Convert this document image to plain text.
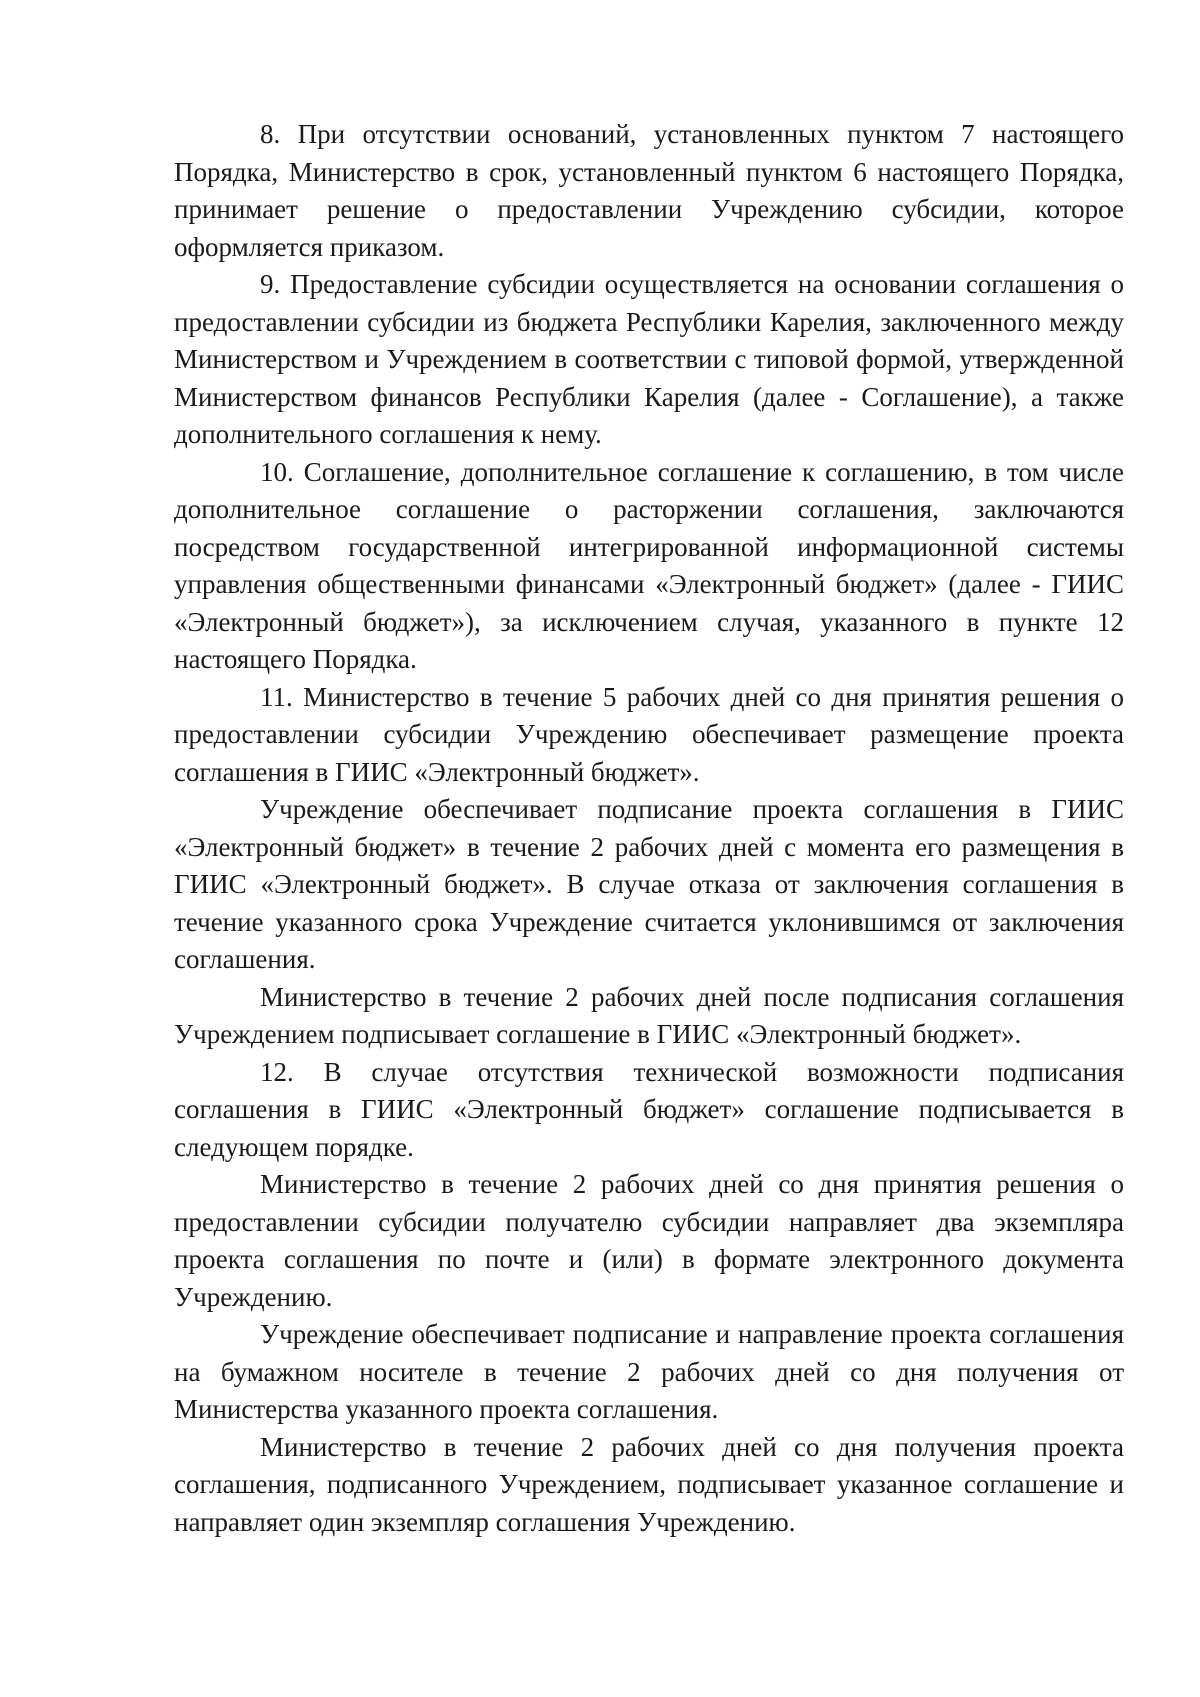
8. При отсутствии оснований, установленных пунктом 7 настоящего Порядка, Министерство в срок, установленный пунктом 6 настоящего Порядка, принимает решение о предоставлении Учреждению субсидии, которое оформляется приказом.

9. Предоставление субсидии осуществляется на основании соглашения о предоставлении субсидии из бюджета Республики Карелия, заключенного между Министерством и Учреждением в соответствии с типовой формой, утвержденной Министерством финансов Республики Карелия (далее - Соглашение), а также дополнительного соглашения к нему.

10. Соглашение, дополнительное соглашение к соглашению, в том числе дополнительное соглашение о расторжении соглашения, заключаются посредством государственной интегрированной информационной системы управления общественными финансами «Электронный бюджет» (далее - ГИИС «Электронный бюджет»), за исключением случая, указанного в пункте 12 настоящего Порядка.

11. Министерство в течение 5 рабочих дней со дня принятия решения о предоставлении субсидии Учреждению обеспечивает размещение проекта соглашения в ГИИС «Электронный бюджет».

Учреждение обеспечивает подписание проекта соглашения в ГИИС «Электронный бюджет» в течение 2 рабочих дней с момента его размещения в ГИИС «Электронный бюджет». В случае отказа от заключения соглашения в течение указанного срока Учреждение считается уклонившимся от заключения соглашения.

Министерство в течение 2 рабочих дней после подписания соглашения Учреждением подписывает соглашение в ГИИС «Электронный бюджет».

12. В случае отсутствия технической возможности подписания соглашения в ГИИС «Электронный бюджет» соглашение подписывается в следующем порядке.

Министерство в течение 2 рабочих дней со дня принятия решения о предоставлении субсидии получателю субсидии направляет два экземпляра проекта соглашения по почте и (или) в формате электронного документа Учреждению.

Учреждение обеспечивает подписание и направление проекта соглашения на бумажном носителе в течение 2 рабочих дней со дня получения от Министерства указанного проекта соглашения.

Министерство в течение 2 рабочих дней со дня получения проекта соглашения, подписанного Учреждением, подписывает указанное соглашение и направляет один экземпляр соглашения Учреждению.
